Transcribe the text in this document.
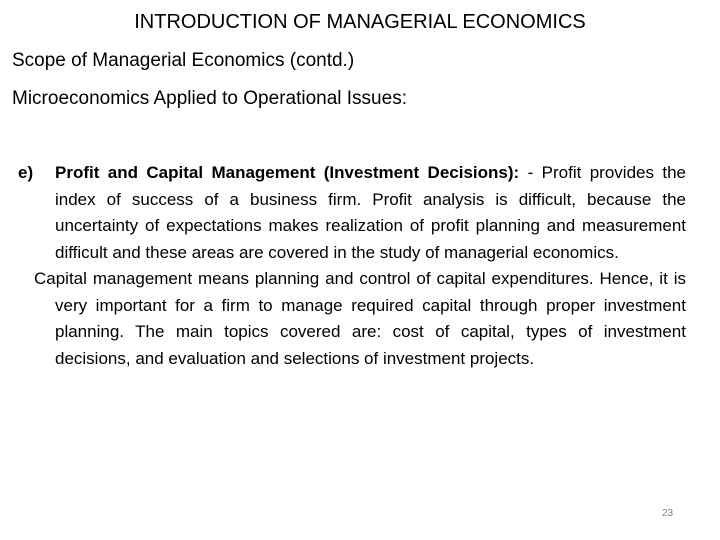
INTRODUCTION OF MANAGERIAL ECONOMICS
Scope of Managerial Economics (contd.)
Microeconomics Applied to Operational Issues:

e) Profit and Capital Management (Investment Decisions): - Profit provides the index of success of a business firm. Profit analysis is difficult, because the uncertainty of expectations makes realization of profit planning and measurement difficult and these areas are covered in the study of managerial economics.

Capital management means planning and control of capital expenditures. Hence, it is very important for a firm to manage required capital through proper investment planning. The main topics covered are: cost of capital, types of investment decisions, and evaluation and selections of investment projects.

23
